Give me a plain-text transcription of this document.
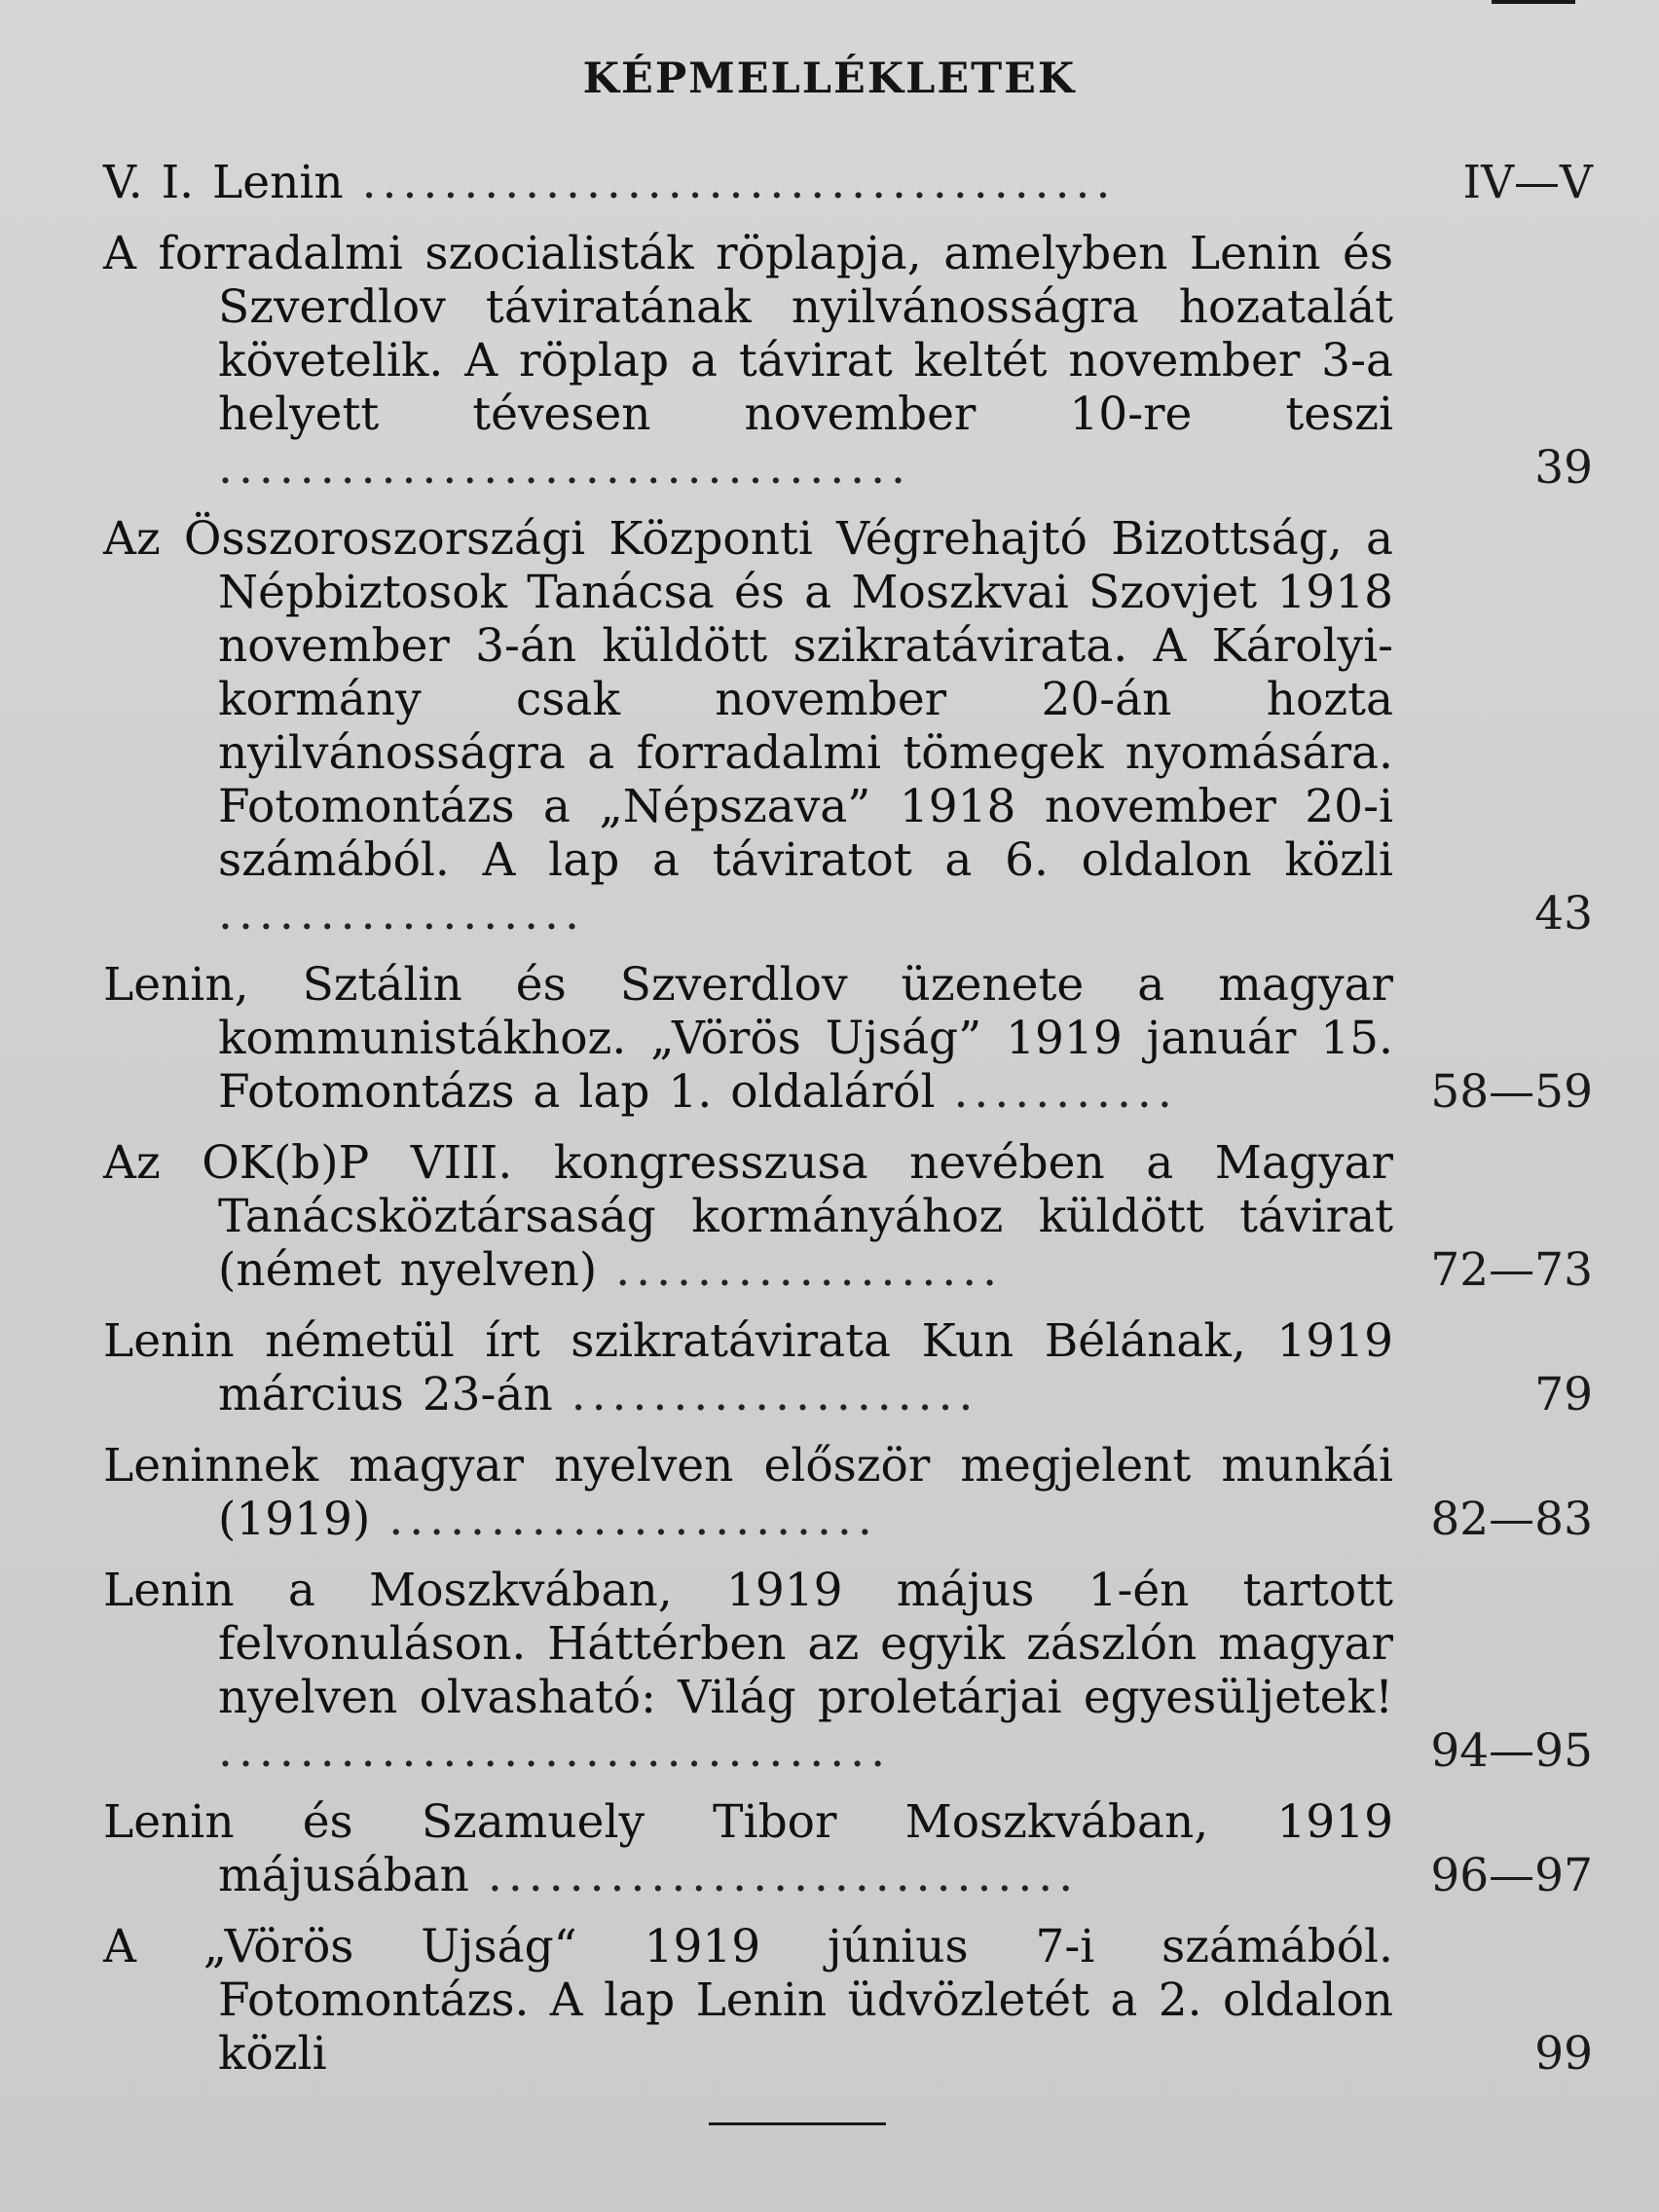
KÉPMELLÉKLETEK
V. I. Lenin .....................................	IV—V
A forradalmi szocialisták röplapja, amelyben Lenin és Szverdlov táviratának nyilvánosságra hozatalát követelik. A röplap a távirat keltét november 3-a helyett tévesen november 10-re teszi ..................................	39
Az Összoroszországi Központi Végrehajtó Bizottság, a Népbiztosok Tanácsa és a Moszkvai Szovjet 1918 november 3-án küldött szikratávirata. A Károlyi-kormány csak november 20-án hozta nyilvánosságra a forradalmi tömegek nyomására. Fotomontázs a „Népszava” 1918 november 20-i számából. A lap a táviratot a 6. oldalon közli ..................	43
Lenin, Sztálin és Szverdlov üzenete a magyar kommunistákhoz. „Vörös Ujság” 1919 január 15. Fotomontázs a lap 1. oldaláról ...........	58—59
Az OK(b)P VIII. kongresszusa nevében a Magyar Tanácsköztársaság kormányához küldött távirat (német nyelven) ...................	72—73
Lenin németül írt szikratávirata Kun Bélának, 1919 március 23-án ....................	79
Leninnek magyar nyelven először megjelent munkái (1919) ........................	82—83
Lenin a Moszkvában, 1919 május 1-én tartott felvonuláson. Háttérben az egyik zászlón magyar nyelven olvasható: Világ proletárjai egyesüljetek! .................................	94—95
Lenin és Szamuely Tibor Moszkvában, 1919 májusában .............................	96—97
A „Vörös Ujság“ 1919 június 7-i számából. Fotomontázs. A lap Lenin üdvözletét a 2. oldalon közli	99
